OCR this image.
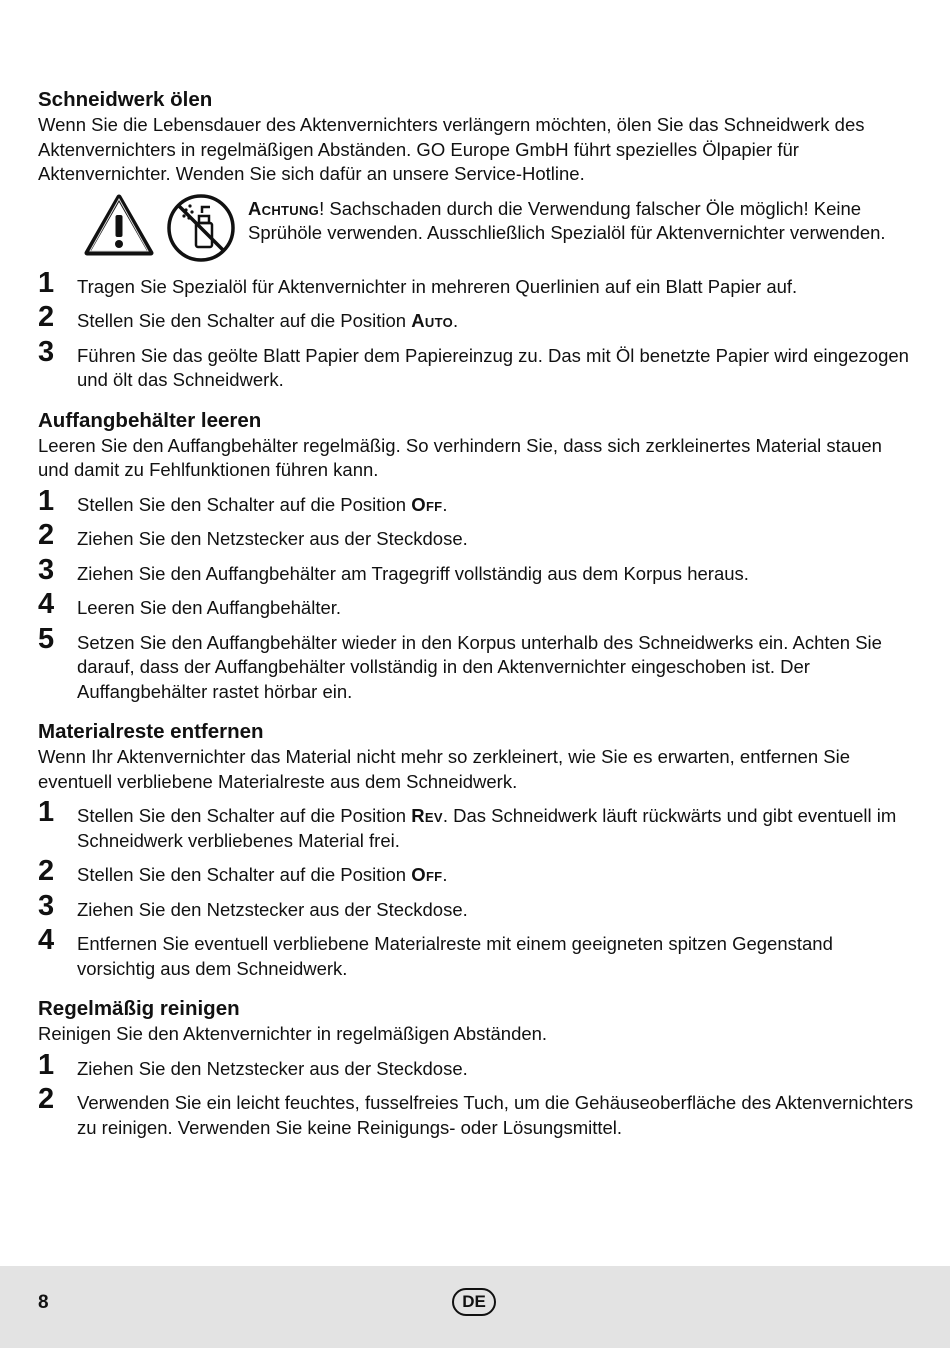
Schneidwerk ölen

Wenn Sie die Lebensdauer des Aktenvernichters verlängern möchten, ölen Sie das Schneidwerk des Aktenvernichters in regelmäßigen Abständen. GO Europe GmbH führt spezielles Ölpapier für Aktenvernichter. Wenden Sie sich dafür an unsere Service-Hotline.

Achtung! Sachschaden durch die Verwendung falscher Öle möglich! Keine Sprühöle verwenden. Ausschließlich Spezialöl für Aktenvernichter verwenden.
1	Tragen Sie Spezialöl für Aktenvernichter in mehreren Querlinien auf ein Blatt Papier auf.
2	Stellen Sie den Schalter auf die Position Auto.
3	Führen Sie das geölte Blatt Papier dem Papiereinzug zu. Das mit Öl benetzte Papier wird eingezogen und ölt das Schneidwerk.
Auffangbehälter leeren

Leeren Sie den Auffangbehälter regelmäßig. So verhindern Sie, dass sich zerkleinertes Material stauen und damit zu Fehlfunktionen führen kann.

1	Stellen Sie den Schalter auf die Position Off.
2	Ziehen Sie den Netzstecker aus der Steckdose.
3	Ziehen Sie den Auffangbehälter am Tragegriff vollständig aus dem Korpus heraus.
4	Leeren Sie den Auffangbehälter.
5	Setzen Sie den Auffangbehälter wieder in den Korpus unterhalb des Schneidwerks ein. Achten Sie darauf, dass der Auffangbehälter vollständig in den Aktenvernichter eingeschoben ist. Der Auffangbehälter rastet hörbar ein.
Materialreste entfernen

Wenn Ihr Aktenvernichter das Material nicht mehr so zerkleinert, wie Sie es erwarten, entfernen Sie eventuell verbliebene Materialreste aus dem Schneidwerk.

1	Stellen Sie den Schalter auf die Position Rev. Das Schneidwerk läuft rückwärts und gibt eventuell im Schneidwerk verbliebenes Material frei.
2	Stellen Sie den Schalter auf die Position Off.
3	Ziehen Sie den Netzstecker aus der Steckdose.
4	Entfernen Sie eventuell verbliebene Materialreste mit einem geeigneten spitzen Gegenstand vorsichtig aus dem Schneidwerk.
Regelmäßig reinigen

Reinigen Sie den Aktenvernichter in regelmäßigen Abständen.

1	Ziehen Sie den Netzstecker aus der Steckdose.
2	Verwenden Sie ein leicht feuchtes, fusselfreies Tuch, um die Gehäuseoberfläche des Aktenvernichters zu reinigen. Verwenden Sie keine Reinigungs- oder Lösungsmittel.
8	DE
